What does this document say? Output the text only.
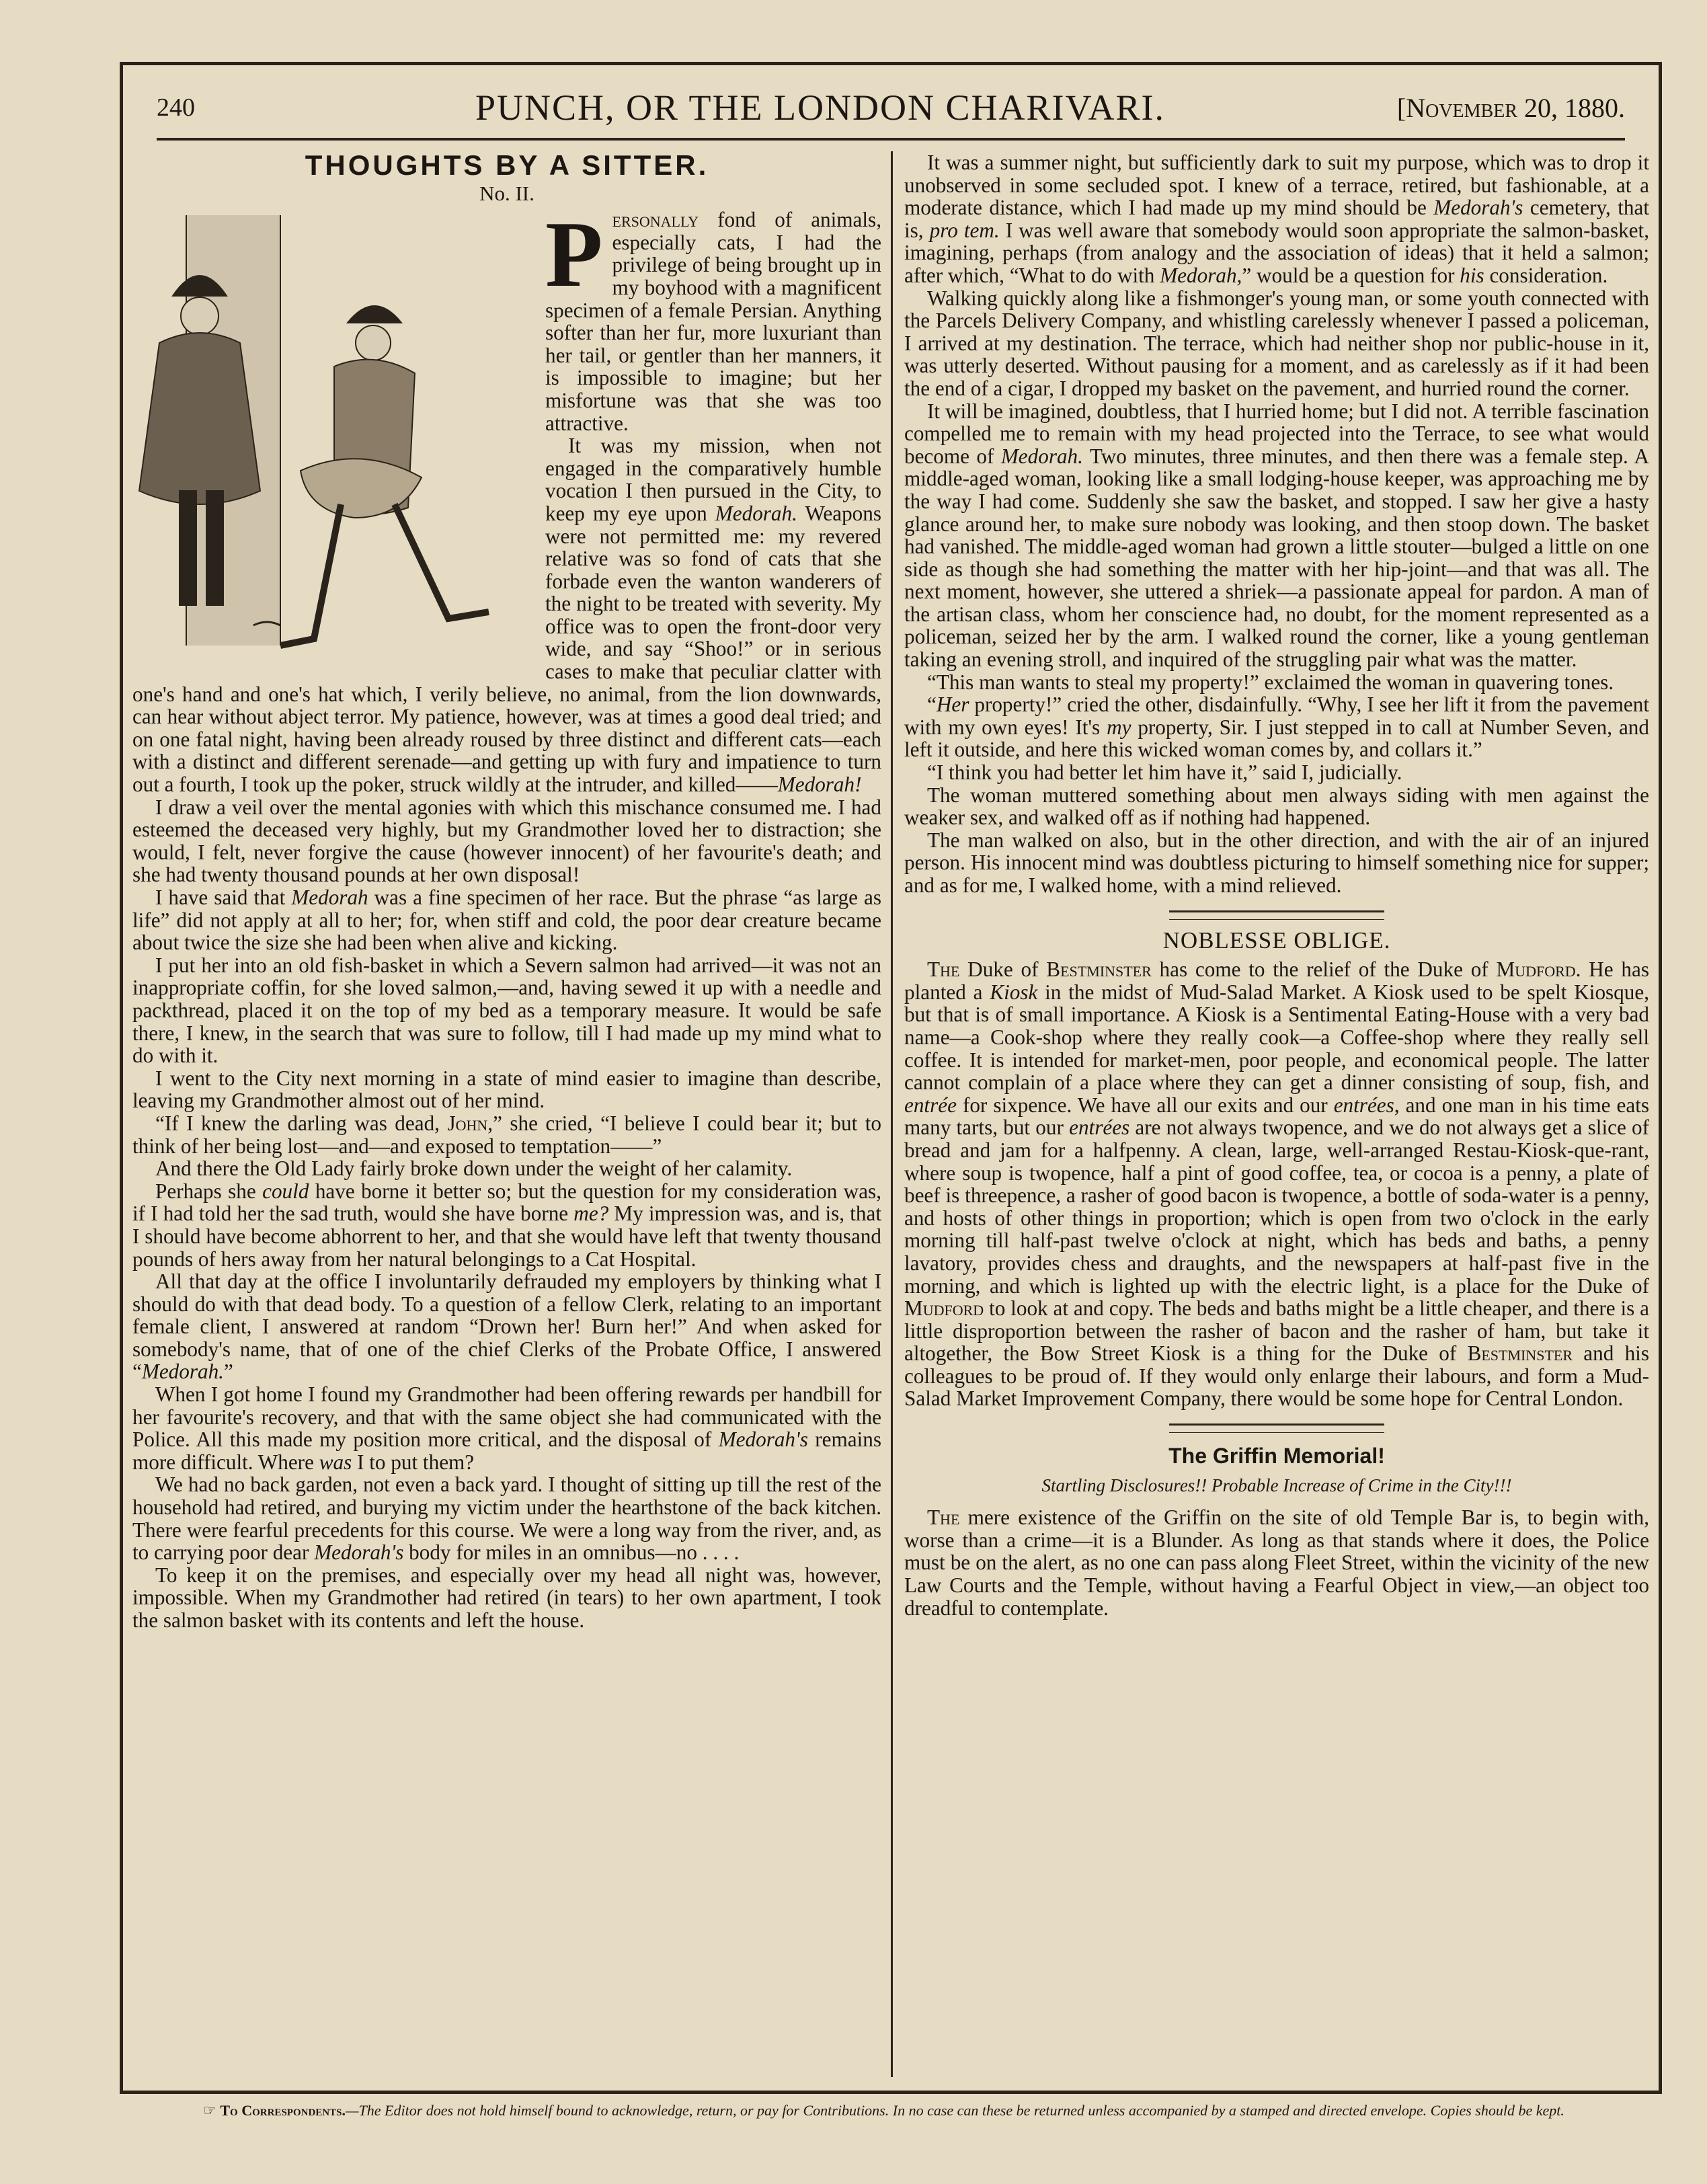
240	PUNCH, OR THE LONDON CHARIVARI.	[November 20, 1880.
THOUGHTS BY A SITTER.
No. II.
P ersonally fond of animals, especially cats, I had the privilege of being brought up in my boyhood with a magnificent specimen of a female Persian. Anything softer than her fur, more luxuriant than her tail, or gentler than her manners, it is impossible to imagine; but her misfortune was that she was too attractive.

It was my mission, when not engaged in the comparatively humble vocation I then pursued in the City, to keep my eye upon Medorah. Weapons were not permitted me: my revered relative was so fond of cats that she forbade even the wanton wanderers of the night to be treated with severity. My office was to open the front-door very wide, and say “Shoo!” or in serious cases to make that peculiar clatter with one's hand and one's hat which, I verily believe, no animal, from the lion downwards, can hear without abject terror. My patience, however, was at times a good deal tried; and on one fatal night, having been already roused by three distinct and different cats—each with a distinct and different serenade—and getting up with fury and impatience to turn out a fourth, I took up the poker, struck wildly at the intruder, and killed——Medorah!

I draw a veil over the mental agonies with which this mischance consumed me. I had esteemed the deceased very highly, but my Grandmother loved her to distraction; she would, I felt, never forgive the cause (however innocent) of her favourite's death; and she had twenty thousand pounds at her own disposal!

I have said that Medorah was a fine specimen of her race. But the phrase “as large as life” did not apply at all to her; for, when stiff and cold, the poor dear creature became about twice the size she had been when alive and kicking.

I put her into an old fish-basket in which a Severn salmon had arrived—it was not an inappropriate coffin, for she loved salmon,—and, having sewed it up with a needle and packthread, placed it on the top of my bed as a temporary measure. It would be safe there, I knew, in the search that was sure to follow, till I had made up my mind what to do with it.

I went to the City next morning in a state of mind easier to imagine than describe, leaving my Grandmother almost out of her mind.

“If I knew the darling was dead, John,” she cried, “I believe I could bear it; but to think of her being lost—and—and exposed to temptation——”

And there the Old Lady fairly broke down under the weight of her calamity.

Perhaps she could have borne it better so; but the question for my consideration was, if I had told her the sad truth, would she have borne me? My impression was, and is, that I should have become abhorrent to her, and that she would have left that twenty thousand pounds of hers away from her natural belongings to a Cat Hospital.

All that day at the office I involuntarily defrauded my employers by thinking what I should do with that dead body. To a question of a fellow Clerk, relating to an important female client, I answered at random “Drown her! Burn her!” And when asked for somebody's name, that of one of the chief Clerks of the Probate Office, I answered “Medorah.”

When I got home I found my Grandmother had been offering rewards per handbill for her favourite's recovery, and that with the same object she had communicated with the Police. All this made my position more critical, and the disposal of Medorah's remains more difficult. Where was I to put them?

We had no back garden, not even a back yard. I thought of sitting up till the rest of the household had retired, and burying my victim under the hearthstone of the back kitchen. There were fearful precedents for this course. We were a long way from the river, and, as to carrying poor dear Medorah's body for miles in an omnibus—no . . . .

To keep it on the premises, and especially over my head all night was, however, impossible. When my Grandmother had retired (in tears) to her own apartment, I took the salmon basket with its contents and left the house.

It was a summer night, but sufficiently dark to suit my purpose, which was to drop it unobserved in some secluded spot. I knew of a terrace, retired, but fashionable, at a moderate distance, which I had made up my mind should be Medorah's cemetery, that is, pro tem. I was well aware that somebody would soon appropriate the salmon-basket, imagining, perhaps (from analogy and the association of ideas) that it held a salmon; after which, “What to do with Medorah,” would be a question for his consideration.

Walking quickly along like a fishmonger's young man, or some youth connected with the Parcels Delivery Company, and whistling carelessly whenever I passed a policeman, I arrived at my destination. The terrace, which had neither shop nor public-house in it, was utterly deserted. Without pausing for a moment, and as carelessly as if it had been the end of a cigar, I dropped my basket on the pavement, and hurried round the corner.

It will be imagined, doubtless, that I hurried home; but I did not. A terrible fascination compelled me to remain with my head projected into the Terrace, to see what would become of Medorah. Two minutes, three minutes, and then there was a female step. A middle-aged woman, looking like a small lodging-house keeper, was approaching me by the way I had come. Suddenly she saw the basket, and stopped. I saw her give a hasty glance around her, to make sure nobody was looking, and then stoop down. The basket had vanished. The middle-aged woman had grown a little stouter—bulged a little on one side as though she had something the matter with her hip-joint—and that was all. The next moment, however, she uttered a shriek—a passionate appeal for pardon. A man of the artisan class, whom her conscience had, no doubt, for the moment represented as a policeman, seized her by the arm. I walked round the corner, like a young gentleman taking an evening stroll, and inquired of the struggling pair what was the matter.

“This man wants to steal my property!” exclaimed the woman in quavering tones.

“Her property!” cried the other, disdainfully. “Why, I see her lift it from the pavement with my own eyes! It's my property, Sir. I just stepped in to call at Number Seven, and left it outside, and here this wicked woman comes by, and collars it.”

“I think you had better let him have it,” said I, judicially.

The woman muttered something about men always siding with men against the weaker sex, and walked off as if nothing had happened.

The man walked on also, but in the other direction, and with the air of an injured person. His innocent mind was doubtless picturing to himself something nice for supper; and as for me, I walked home, with a mind relieved.

NOBLESSE OBLIGE.

The Duke of Bestminster has come to the relief of the Duke of Mudford. He has planted a Kiosk in the midst of Mud-Salad Market. A Kiosk used to be spelt Kiosque, but that is of small importance. A Kiosk is a Sentimental Eating-House with a very bad name—a Cook-shop where they really cook—a Coffee-shop where they really sell coffee. It is intended for market-men, poor people, and economical people. The latter cannot complain of a place where they can get a dinner consisting of soup, fish, and entrée for sixpence. We have all our exits and our entrées, and one man in his time eats many tarts, but our entrées are not always twopence, and we do not always get a slice of bread and jam for a halfpenny. A clean, large, well-arranged Restau-Kiosk-que-rant, where soup is twopence, half a pint of good coffee, tea, or cocoa is a penny, a plate of beef is threepence, a rasher of good bacon is twopence, a bottle of soda-water is a penny, and hosts of other things in proportion; which is open from two o'clock in the early morning till half-past twelve o'clock at night, which has beds and baths, a penny lavatory, provides chess and draughts, and the newspapers at half-past five in the morning, and which is lighted up with the electric light, is a place for the Duke of Mudford to look at and copy. The beds and baths might be a little cheaper, and there is a little disproportion between the rasher of bacon and the rasher of ham, but take it altogether, the Bow Street Kiosk is a thing for the Duke of Bestminster and his colleagues to be proud of. If they would only enlarge their labours, and form a Mud-Salad Market Improvement Company, there would be some hope for Central London.

The Griffin Memorial!
Startling Disclosures!! Probable Increase of Crime in the City!!!

The mere existence of the Griffin on the site of old Temple Bar is, to begin with, worse than a crime—it is a Blunder. As long as that stands where it does, the Police must be on the alert, as no one can pass along Fleet Street, within the vicinity of the new Law Courts and the Temple, without having a Fearful Object in view,—an object too dreadful to contemplate.

☞ To Correspondents.—The Editor does not hold himself bound to acknowledge, return, or pay for Contributions. In no case can these be returned unless accompanied by a stamped and directed envelope. Copies should be kept.
